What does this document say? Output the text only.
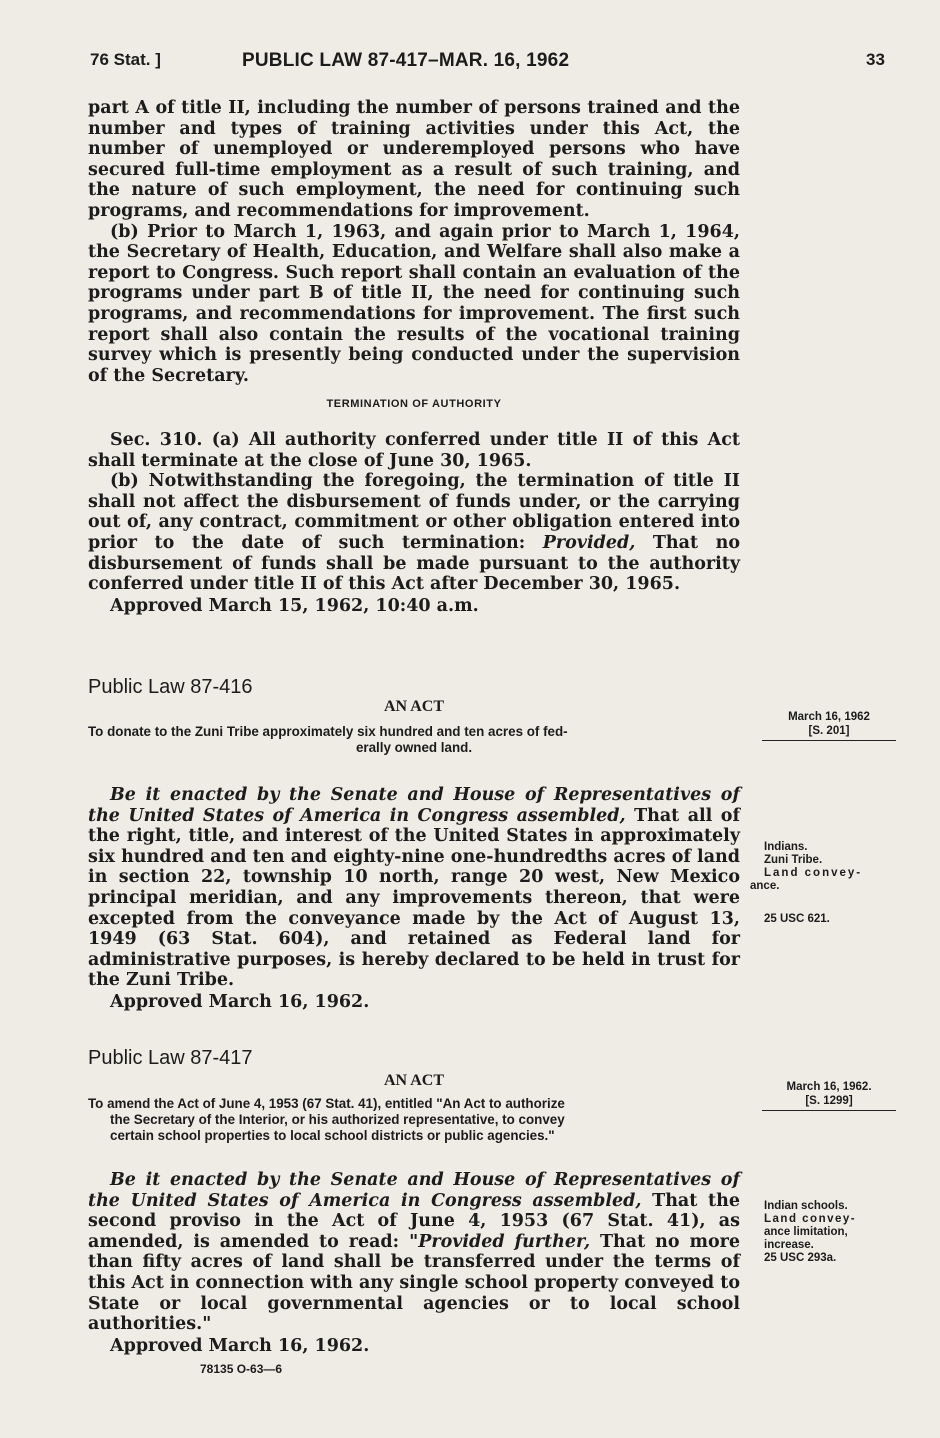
76 Stat. ]	PUBLIC LAW 87-417–MAR. 16, 1962	33

part A of title II, including the number of persons trained and the number and types of training activities under this Act, the number of unemployed or underemployed persons who have secured full-time employment as a result of such training, and the nature of such employment, the need for continuing such programs, and recommendations for improvement.

(b) Prior to March 1, 1963, and again prior to March 1, 1964, the Secretary of Health, Education, and Welfare shall also make a report to Congress. Such report shall contain an evaluation of the programs under part B of title II, the need for continuing such programs, and recommendations for improvement. The first such report shall also contain the results of the vocational training survey which is presently being conducted under the supervision of the Secretary.

TERMINATION OF AUTHORITY

Sec. 310. (a) All authority conferred under title II of this Act shall terminate at the close of June 30, 1965.

(b) Notwithstanding the foregoing, the termination of title II shall not affect the disbursement of funds under, or the carrying out of, any contract, commitment or other obligation entered into prior to the date of such termination: Provided, That no disbursement of funds shall be made pursuant to the authority conferred under title II of this Act after December 30, 1965.

Approved March 15, 1962, 10:40 a.m.
Public Law 87-416
AN ACT
To donate to the Zuni Tribe approximately six hundred and ten acres of fed-
erally owned land.
March 16, 1962
[S. 201]

Be it enacted by the Senate and House of Representatives of the United States of America in Congress assembled, That all of the right, title, and interest of the United States in approximately six hundred and ten and eighty-nine one-hundredths acres of land in section 22, township 10 north, range 20 west, New Mexico principal meridian, and any improvements thereon, that were excepted from the conveyance made by the Act of August 13, 1949 (63 Stat. 604), and retained as Federal land for administrative purposes, is hereby declared to be held in trust for the Zuni Tribe.

Approved March 16, 1962.
Indians.
Zuni Tribe.
Land convey-
ance.
25 USC 621.
Public Law 87-417
AN ACT
To amend the Act of June 4, 1953 (67 Stat. 41), entitled "An Act to authorize
the Secretary of the Interior, or his authorized representative, to convey
certain school properties to local school districts or public agencies."
March 16, 1962.
[S. 1299]

Be it enacted by the Senate and House of Representatives of the United States of America in Congress assembled, That the second proviso in the Act of June 4, 1953 (67 Stat. 41), as amended, is amended to read: "Provided further, That no more than fifty acres of land shall be transferred under the terms of this Act in connection with any single school property conveyed to State or local governmental agencies or to local school authorities."

Approved March 16, 1962.
Indian schools.
Land convey-
ance limitation,
increase.
25 USC 293a.
78135 O-63—6
